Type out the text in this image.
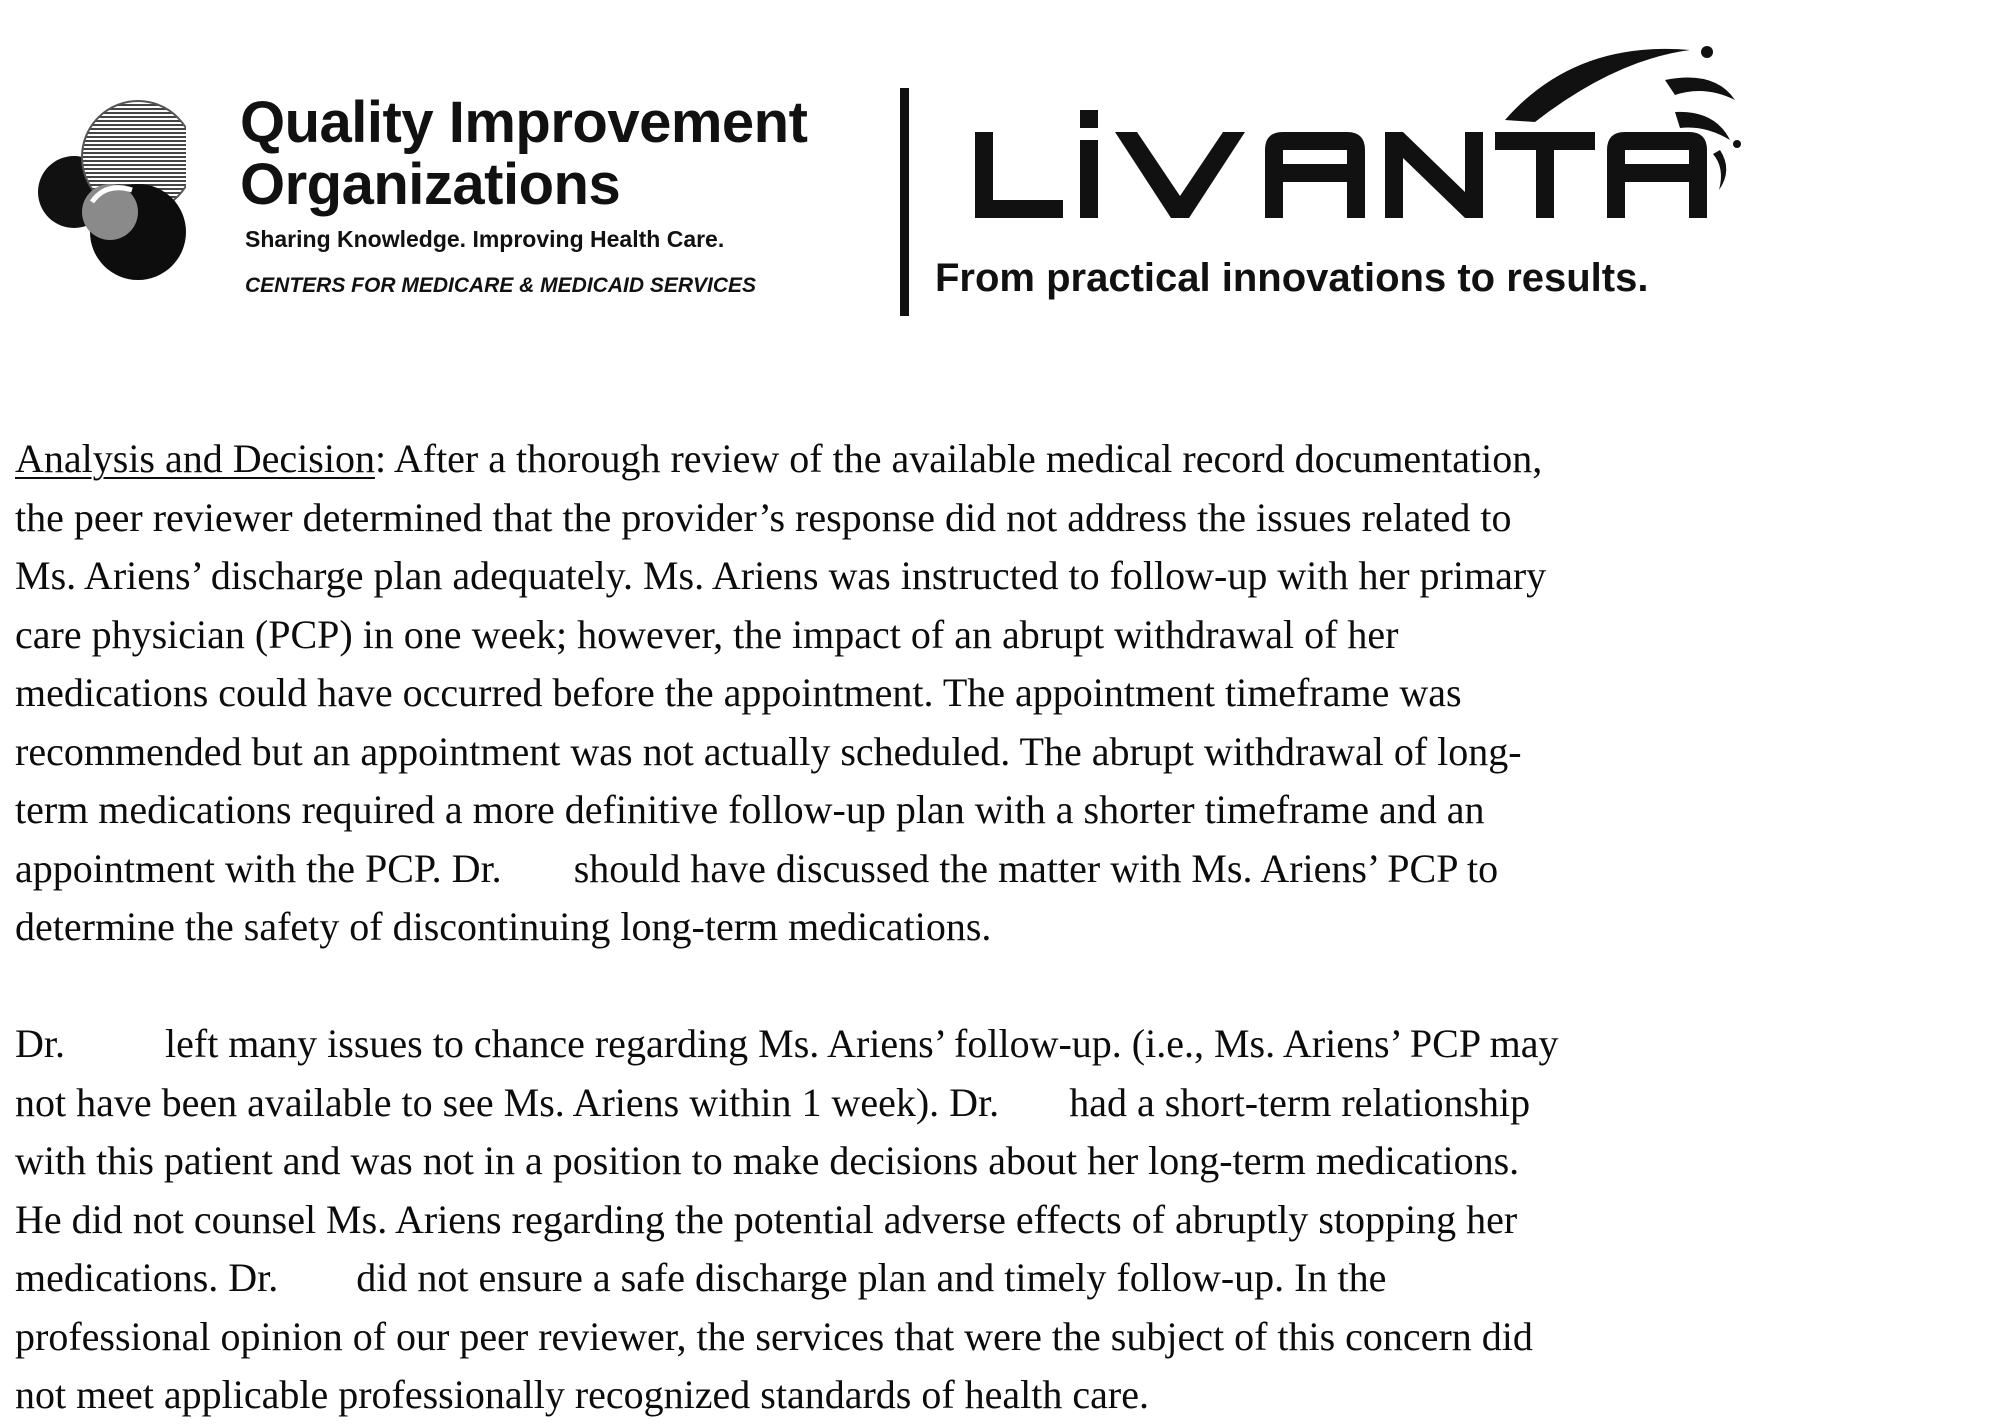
Quality Improvement
Organizations
Sharing Knowledge. Improving Health Care.
CENTERS FOR MEDICARE & MEDICAID SERVICES	From practical innovations to results.
Analysis and Decision: After a thorough review of the available medical record documentation,
the peer reviewer determined that the provider’s response did not address the issues related to
Ms. Ariens’ discharge plan adequately. Ms. Ariens was instructed to follow-up with her primary
care physician (PCP) in one week; however, the impact of an abrupt withdrawal of her
medications could have occurred before the appointment. The appointment timeframe was
recommended but an appointment was not actually scheduled. The abrupt withdrawal of long-
term medications required a more definitive follow-up plan with a shorter timeframe and an
appointment with the PCP. Dr. should have discussed the matter with Ms. Ariens’ PCP to
determine the safety of discontinuing long-term medications.
Dr.	left many issues to chance regarding Ms. Ariens’ follow-up. (i.e., Ms. Ariens’ PCP may
not have been available to see Ms. Ariens within 1 week). Dr. had a short-term relationship
with this patient and was not in a position to make decisions about her long-term medications.
He did not counsel Ms. Ariens regarding the potential adverse effects of abruptly stopping her
medications. Dr. did not ensure a safe discharge plan and timely follow-up. In the
professional opinion of our peer reviewer, the services that were the subject of this concern did
not meet applicable professionally recognized standards of health care.
